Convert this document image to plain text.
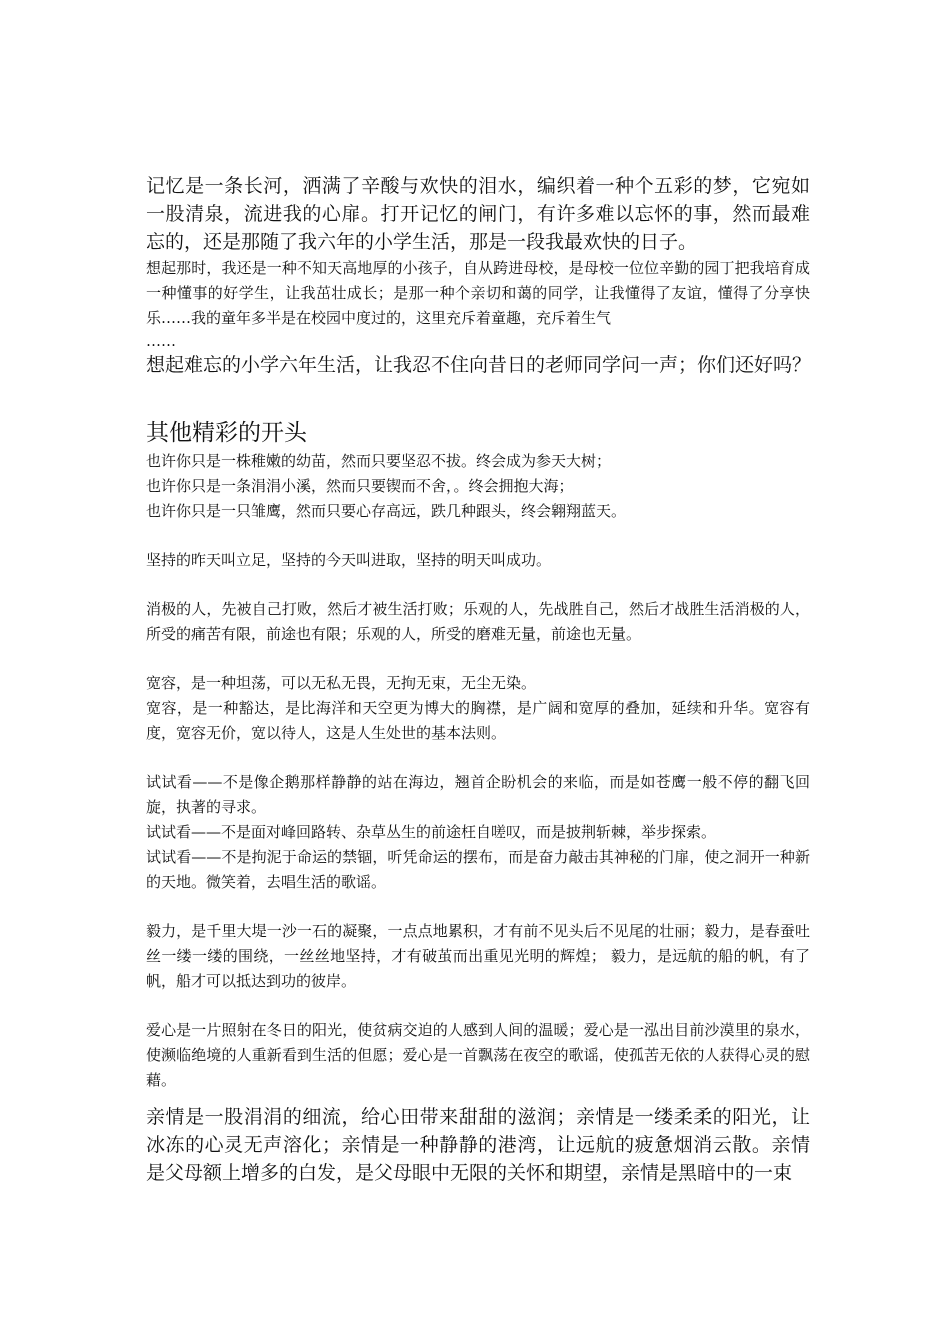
记忆是一条长河，洒满了辛酸与欢快的泪水，编织着一种个五彩的梦，它宛如一股清泉，流进我的心扉。打开记忆的闸门，有许多难以忘怀的事，然而最难忘的，还是那随了我六年的小学生活，那是一段我最欢快的日子。

想起那时，我还是一种不知天高地厚的小孩子，自从跨进母校，是母校一位位辛勤的园丁把我培育成一种懂事的好学生，让我茁壮成长；是那一种个亲切和蔼的同学，让我懂得了友谊，懂得了分享快乐……我的童年多半是在校园中度过的，这里充斥着童趣，充斥着生气

……

想起难忘的小学六年生活，让我忍不住向昔日的老师同学问一声；你们还好吗？

其他精彩的开头

也许你只是一株稚嫩的幼苗，然而只要坚忍不拔。终会成为参天大树；

也许你只是一条涓涓小溪，然而只要锲而不舍，。终会拥抱大海；

也许你只是一只雏鹰，然而只要心存高远，跌几种跟头，终会翱翔蓝天。

坚持的昨天叫立足，坚持的今天叫进取，坚持的明天叫成功。

消极的人，先被自己打败，然后才被生活打败；乐观的人，先战胜自己，然后才战胜生活消极的人，所受的痛苦有限，前途也有限；乐观的人，所受的磨难无量，前途也无量。

宽容，是一种坦荡，可以无私无畏，无拘无束，无尘无染。

宽容，是一种豁达，是比海洋和天空更为博大的胸襟，是广阔和宽厚的叠加，延续和升华。宽容有度，宽容无价，宽以待人，这是人生处世的基本法则。

试试看——不是像企鹅那样静静的站在海边，翘首企盼机会的来临，而是如苍鹰一般不停的翻飞回旋，执著的寻求。

试试看——不是面对峰回路转、杂草丛生的前途枉自嗟叹，而是披荆斩棘，举步探索。

试试看——不是拘泥于命运的禁锢，听凭命运的摆布，而是奋力敲击其神秘的门扉，使之洞开一种新的天地。微笑着，去唱生活的歌谣。

毅力，是千里大堤一沙一石的凝聚，一点点地累积，才有前不见头后不见尾的壮丽；毅力，是春蚕吐丝一缕一缕的围绕，一丝丝地坚持，才有破茧而出重见光明的辉煌； 毅力，是远航的船的帆，有了帆，船才可以抵达到功的彼岸。

爱心是一片照射在冬日的阳光，使贫病交迫的人感到人间的温暖；爱心是一泓出目前沙漠里的泉水，使濒临绝境的人重新看到生活的但愿；爱心是一首飘荡在夜空的歌谣，使孤苦无依的人获得心灵的慰藉。

亲情是一股涓涓的细流，给心田带来甜甜的滋润；亲情是一缕柔柔的阳光，让冰冻的心灵无声溶化；亲情是一种静静的港湾，让远航的疲惫烟消云散。亲情是父母额上增多的白发，是父母眼中无限的关怀和期望，亲情是黑暗中的一束
